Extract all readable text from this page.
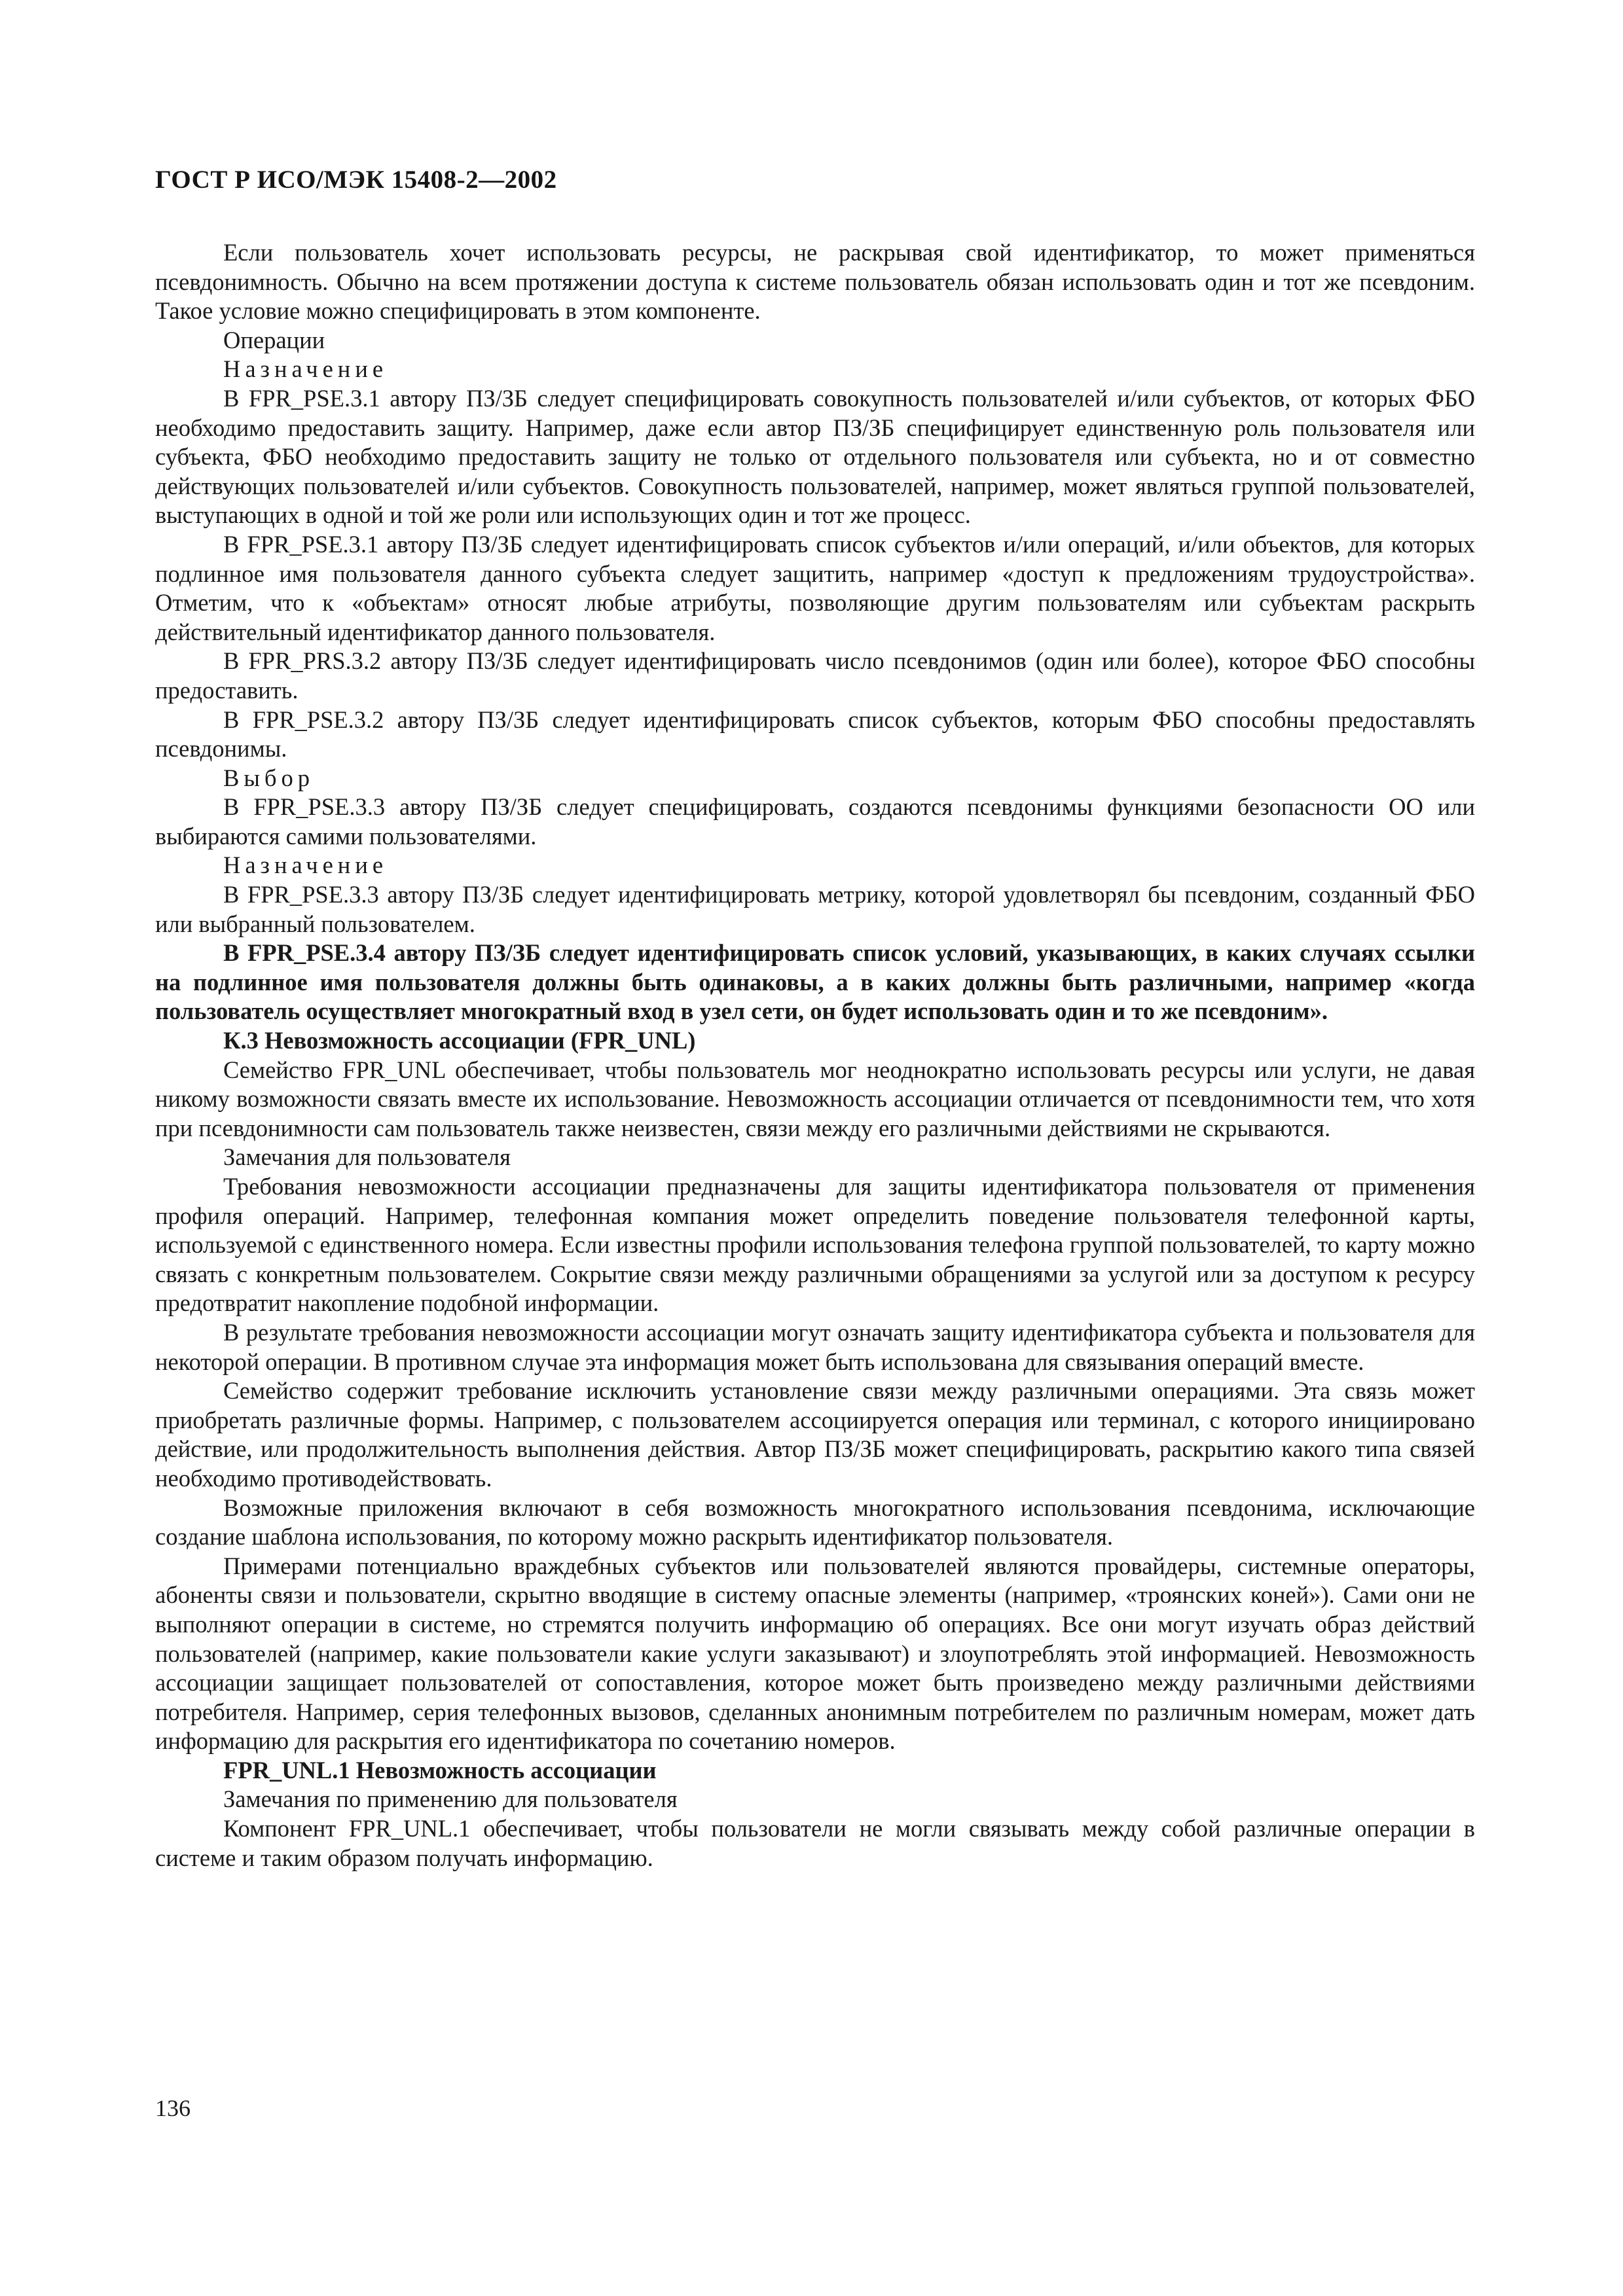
ГОСТ Р ИСО/МЭК 15408-2—2002

Если пользователь хочет использовать ресурсы, не раскрывая свой идентификатор, то может применяться псевдонимность. Обычно на всем протяжении доступа к системе пользователь обязан использовать один и тот же псевдоним. Такое условие можно специфицировать в этом компоненте.

Операции

Назначение

В FPR_PSE.3.1 автору ПЗ/ЗБ следует специфицировать совокупность пользователей и/или субъектов, от которых ФБО необходимо предоставить защиту. Например, даже если автор ПЗ/ЗБ специфицирует единственную роль пользователя или субъекта, ФБО необходимо предоставить защиту не только от отдельного пользователя или субъекта, но и от совместно действующих пользователей и/или субъектов. Совокупность пользователей, например, может являться группой пользователей, выступающих в одной и той же роли или использующих один и тот же процесс.

В FPR_PSE.3.1 автору ПЗ/ЗБ следует идентифицировать список субъектов и/или операций, и/или объектов, для которых подлинное имя пользователя данного субъекта следует защитить, например «доступ к предложениям трудоустройства». Отметим, что к «объектам» относят любые атрибуты, позволяющие другим пользователям или субъектам раскрыть действительный идентификатор данного пользователя.

В FPR_PRS.3.2 автору ПЗ/ЗБ следует идентифицировать число псевдонимов (один или более), которое ФБО способны предоставить.

В FPR_PSE.3.2 автору ПЗ/ЗБ следует идентифицировать список субъектов, которым ФБО способны предоставлять псевдонимы.

Выбор

В FPR_PSE.3.3 автору ПЗ/ЗБ следует специфицировать, создаются псевдонимы функциями безопасности ОО или выбираются самими пользователями.

Назначение

В FPR_PSE.3.3 автору ПЗ/ЗБ следует идентифицировать метрику, которой удовлетворял бы псевдоним, созданный ФБО или выбранный пользователем.

В FPR_PSE.3.4 автору ПЗ/ЗБ следует идентифицировать список условий, указывающих, в каких случаях ссылки на подлинное имя пользователя должны быть одинаковы, а в каких должны быть различными, например «когда пользователь осуществляет многократный вход в узел сети, он будет использовать один и то же псевдоним».

К.3 Невозможность ассоциации (FPR_UNL)

Семейство FPR_UNL обеспечивает, чтобы пользователь мог неоднократно использовать ресурсы или услуги, не давая никому возможности связать вместе их использование. Невозможность ассоциации отличается от псевдонимности тем, что хотя при псевдонимности сам пользователь также неизвестен, связи между его различными действиями не скрываются.

Замечания для пользователя

Требования невозможности ассоциации предназначены для защиты идентификатора пользователя от применения профиля операций. Например, телефонная компания может определить поведение пользователя телефонной карты, используемой с единственного номера. Если известны профили использования телефона группой пользователей, то карту можно связать с конкретным пользователем. Сокрытие связи между различными обращениями за услугой или за доступом к ресурсу предотвратит накопление подобной информации.

В результате требования невозможности ассоциации могут означать защиту идентификатора субъекта и пользователя для некоторой операции. В противном случае эта информация может быть использована для связывания операций вместе.

Семейство содержит требование исключить установление связи между различными операциями. Эта связь может приобретать различные формы. Например, с пользователем ассоциируется операция или терминал, с которого инициировано действие, или продолжительность выполнения действия. Автор ПЗ/ЗБ может специфицировать, раскрытию какого типа связей необходимо противодействовать.

Возможные приложения включают в себя возможность многократного использования псевдонима, исключающие создание шаблона использования, по которому можно раскрыть идентификатор пользователя.

Примерами потенциально враждебных субъектов или пользователей являются провайдеры, системные операторы, абоненты связи и пользователи, скрытно вводящие в систему опасные элементы (например, «троянских коней»). Сами они не выполняют операции в системе, но стремятся получить информацию об операциях. Все они могут изучать образ действий пользователей (например, какие пользователи какие услуги заказывают) и злоупотреблять этой информацией. Невозможность ассоциации защищает пользователей от сопоставления, которое может быть произведено между различными действиями потребителя. Например, серия телефонных вызовов, сделанных анонимным потребителем по различным номерам, может дать информацию для раскрытия его идентификатора по сочетанию номеров.

FPR_UNL.1 Невозможность ассоциации

Замечания по применению для пользователя

Компонент FPR_UNL.1 обеспечивает, чтобы пользователи не могли связывать между собой различные операции в системе и таким образом получать информацию.

136
